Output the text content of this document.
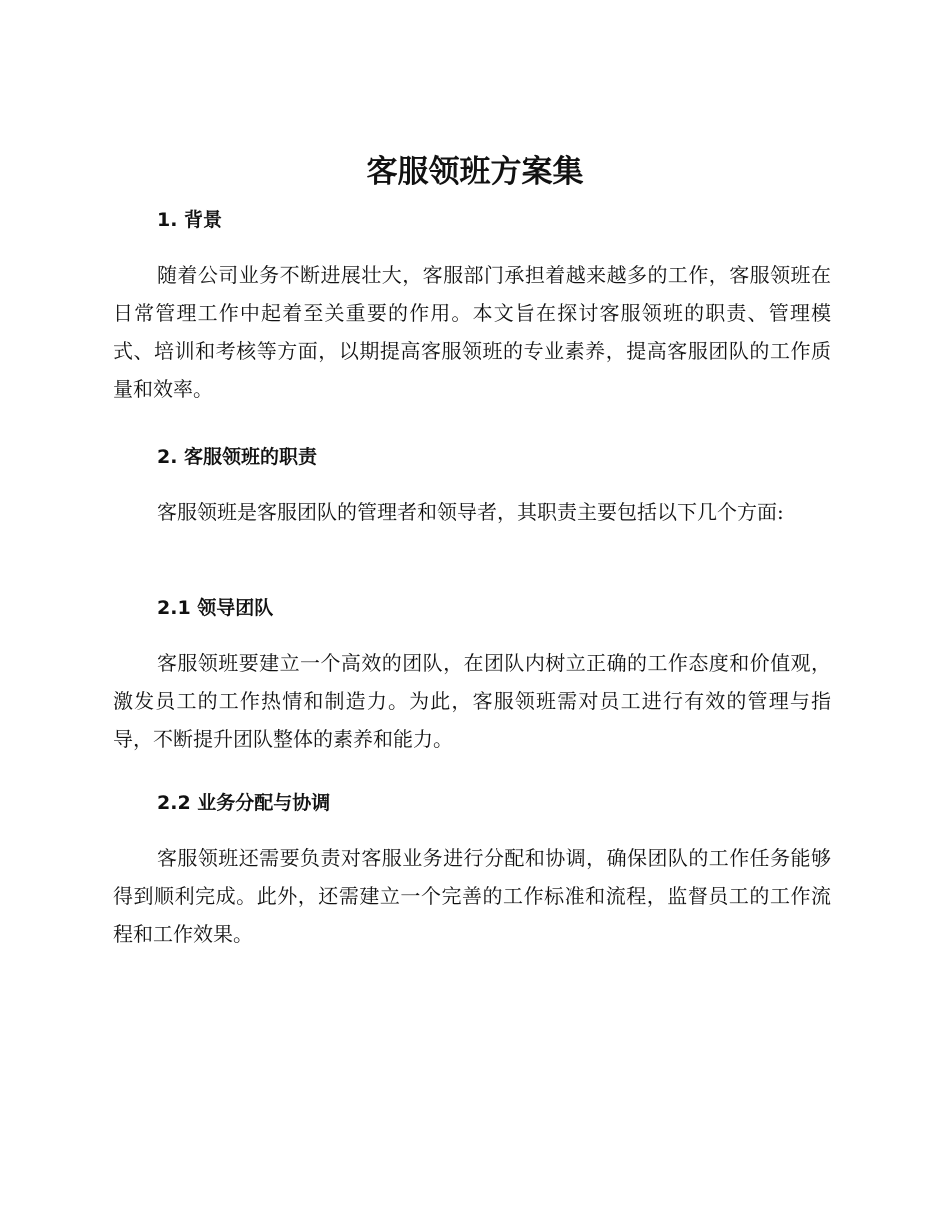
客服领班方案集
1. 背景

随着公司业务不断进展壮大，客服部门承担着越来越多的工作，客服领班在日常管理工作中起着至关重要的作用。本文旨在探讨客服领班的职责、管理模式、培训和考核等方面，以期提高客服领班的专业素养，提高客服团队的工作质量和效率。

2. 客服领班的职责

客服领班是客服团队的管理者和领导者，其职责主要包括以下几个方面:

2.1 领导团队

客服领班要建立一个高效的团队，在团队内树立正确的工作态度和价值观，激发员工的工作热情和制造力。为此，客服领班需对员工进行有效的管理与指导，不断提升团队整体的素养和能力。

2.2 业务分配与协调

客服领班还需要负责对客服业务进行分配和协调，确保团队的工作任务能够得到顺利完成。此外，还需建立一个完善的工作标准和流程，监督员工的工作流程和工作效果。
